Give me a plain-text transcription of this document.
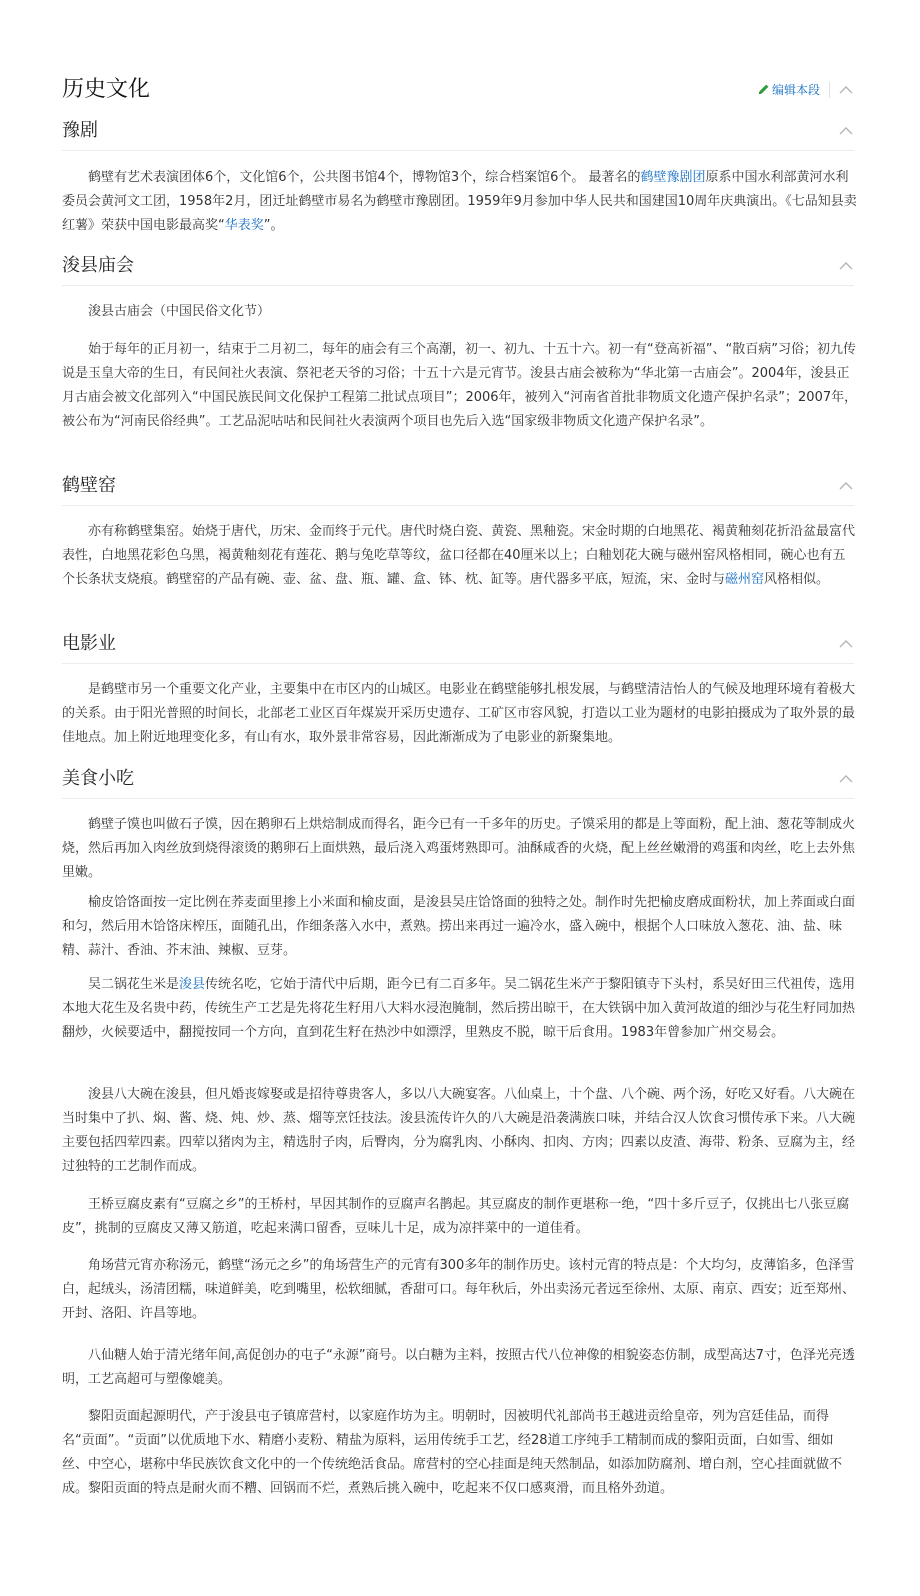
历史文化	编辑本段
豫剧

鹤壁有艺术表演团体6个，文化馆6个，公共图书馆4个，博物馆3个，综合档案馆6个。 最著名的鹤壁豫剧团原系中国水利部黄河水利委员会黄河文工团，1958年2月，团迁址鹤壁市易名为鹤壁市豫剧团。1959年9月参加中华人民共和国建国10周年庆典演出。《七品知县卖红薯》荣获中国电影最高奖“华表奖”。

浚县庙会

浚县古庙会（中国民俗文化节）

始于每年的正月初一，结束于二月初二，每年的庙会有三个高潮，初一、初九、十五十六。初一有“登高祈福”、“散百病”习俗；初九传说是玉皇大帝的生日，有民间社火表演、祭祀老天爷的习俗；十五十六是元宵节。浚县古庙会被称为“华北第一古庙会”。2004年，浚县正月古庙会被文化部列入“中国民族民间文化保护工程第二批试点项目”；2006年，被列入“河南省首批非物质文化遗产保护名录”；2007年，被公布为“河南民俗经典”。工艺品泥咕咕和民间社火表演两个项目也先后入选“国家级非物质文化遗产保护名录”。

鹤壁窑

亦有称鹤壁集窑。始烧于唐代，历宋、金而终于元代。唐代时烧白瓷、黄瓷、黑釉瓷。宋金时期的白地黑花、褐黄釉刻花折沿盆最富代表性，白地黑花彩色乌黑，褐黄釉刻花有莲花、鹅与兔吃草等纹，盆口径都在40厘米以上；白釉划花大碗与磁州窑风格相同，碗心也有五个长条状支烧痕。鹤壁窑的产品有碗、壶、盆、盘、瓶、罐、盒、钵、枕、缸等。唐代器多平底，短流，宋、金时与磁州窑风格相似。

电影业

是鹤壁市另一个重要文化产业，主要集中在市区内的山城区。电影业在鹤壁能够扎根发展，与鹤壁清洁怡人的气候及地理环境有着极大的关系。由于阳光普照的时间长，北部老工业区百年煤炭开采历史遗存、工矿区市容风貌，打造以工业为题材的电影拍摄成为了取外景的最佳地点。加上附近地理变化多，有山有水，取外景非常容易，因此渐渐成为了电影业的新聚集地。

美食小吃

鹤壁子馍也叫做石子馍，因在鹅卵石上烘焙制成而得名，距今已有一千多年的历史。子馍采用的都是上等面粉，配上油、葱花等制成火烧，然后再加入肉丝放到烧得滚烫的鹅卵石上面烘熟，最后浇入鸡蛋烤熟即可。油酥咸香的火烧，配上丝丝嫩滑的鸡蛋和肉丝，吃上去外焦里嫩。

榆皮饸饹面按一定比例在荞麦面里掺上小米面和榆皮面，是浚县吴庄饸饹面的独特之处。制作时先把榆皮磨成面粉状，加上荞面或白面和匀，然后用木饸饹床榨压，面随孔出，作细条落入水中，煮熟。捞出来再过一遍冷水，盛入碗中，根据个人口味放入葱花、油、盐、味精、蒜汁、香油、芥末油、辣椒、豆芽。

吴二锅花生米是浚县传统名吃，它始于清代中后期，距今已有二百多年。吴二锅花生米产于黎阳镇寺下头村，系吴好田三代祖传，选用本地大花生及名贵中药，传统生产工艺是先将花生籽用八大料水浸泡腌制，然后捞出晾干，在大铁锅中加入黄河故道的细沙与花生籽同加热翻炒，火候要适中，翻搅按同一个方向，直到花生籽在热沙中如漂浮，里熟皮不脱，晾干后食用。1983年曾参加广州交易会。

浚县八大碗在浚县，但凡婚丧嫁娶或是招待尊贵客人，多以八大碗宴客。八仙桌上，十个盘、八个碗、两个汤，好吃又好看。八大碗在当时集中了扒、焖、酱、烧、炖、炒、蒸、熘等烹饪技法。浚县流传许久的八大碗是沿袭满族口味，并结合汉人饮食习惯传承下来。八大碗主要包括四荤四素。四荤以猪肉为主，精选肘子肉，后臀肉，分为腐乳肉、小酥肉、扣肉、方肉；四素以皮渣、海带、粉条、豆腐为主，经过独特的工艺制作而成。

王桥豆腐皮素有“豆腐之乡”的王桥村，早因其制作的豆腐声名鹊起。其豆腐皮的制作更堪称一绝，“四十多斤豆子，仅挑出七八张豆腐皮”，挑制的豆腐皮又薄又筋道，吃起来满口留香，豆味儿十足，成为凉拌菜中的一道佳肴。

角场营元宵亦称汤元，鹤壁“汤元之乡”的角场营生产的元宵有300多年的制作历史。该村元宵的特点是：个大均匀，皮薄馅多，色泽雪白，起绒头，汤清团糯，味道鲜美，吃到嘴里，松软细腻，香甜可口。每年秋后，外出卖汤元者远至徐州、太原、南京、西安；近至郑州、开封、洛阳、许昌等地。

八仙糖人始于清光绪年间,高促创办的屯子“永源”商号。以白糖为主料，按照古代八位神像的相貌姿态仿制，成型高达7寸，色泽光亮透明，工艺高超可与塑像媲美。

黎阳贡面起源明代，产于浚县屯子镇席营村，以家庭作坊为主。明朝时，因被明代礼部尚书王越进贡给皇帝，列为宫廷佳品，而得名“贡面”。“贡面”以优质地下水、精磨小麦粉、精盐为原料，运用传统手工艺，经28道工序纯手工精制而成的黎阳贡面，白如雪、细如丝、中空心，堪称中华民族饮食文化中的一个传统绝活食品。席营村的空心挂面是纯天然制品，如添加防腐剂、增白剂，空心挂面就做不成。黎阳贡面的特点是耐火而不糟、回锅而不烂，煮熟后挑入碗中，吃起来不仅口感爽滑，而且格外劲道。
